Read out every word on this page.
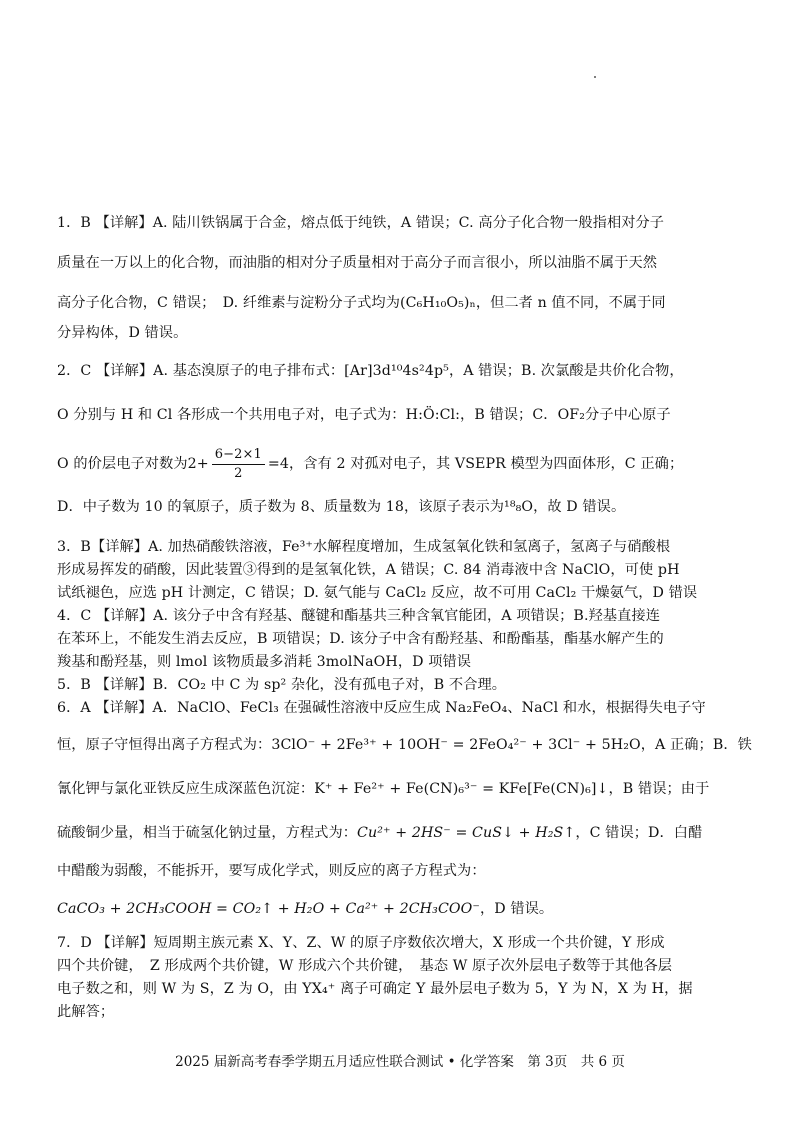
1．B 【详解】A. 陆川铁锅属于合金，熔点低于纯铁，A 错误；C. 高分子化合物一般指相对分子
质量在一万以上的化合物，而油脂的相对分子质量相对于高分子而言很小，所以油脂不属于天然
高分子化合物，C 错误；　D. 纤维素与淀粉分子式均为(C₆H₁₀O₅)ₙ，但二者 n 值不同，不属于同
分异构体，D 错误。
2．C 【详解】A. 基态溴原子的电子排布式：[Ar]3d¹⁰4s²4p⁵，A 错误；B. 次氯酸是共价化合物，
O 分别与 H 和 Cl 各形成一个共用电子对，电子式为：H:Ö:Cl:，B 错误；C．OF₂分子中心原子
O 的价层电子对数为$2+ \frac{6-2\times 1}{2} =4$，含有 2 对孤对电子，其 VSEPR 模型为四面体形，C 正确；
D．中子数为 10 的氧原子，质子数为 8、质量数为 18，该原子表示为¹⁸₈O，故 D 错误。
3．B【详解】A. 加热硝酸铁溶液，Fe³⁺水解程度增加，生成氢氧化铁和氢离子，氢离子与硝酸根
形成易挥发的硝酸，因此装置③得到的是氢氧化铁，A 错误；C. 84 消毒液中含 NaClO，可使 pH
试纸褪色，应选 pH 计测定，C 错误；D. 氨气能与 CaCl₂ 反应，故不可用 CaCl₂ 干燥氨气，D 错误
4．C 【详解】A. 该分子中含有羟基、醚键和酯基共三种含氧官能团，A 项错误；B.羟基直接连
在苯环上，不能发生消去反应，B 项错误；D. 该分子中含有酚羟基、和酚酯基，酯基水解产生的
羧基和酚羟基，则 lmol 该物质最多消耗 3molNaOH，D 项错误
5．B 【详解】B．CO₂ 中 C 为 sp² 杂化，没有孤电子对，B 不合理。
6．A 【详解】A．NaClO、FeCl₃ 在强碱性溶液中反应生成 Na₂FeO₄、NaCl 和水，根据得失电子守
恒，原子守恒得出离子方程式为：3ClO⁻ + 2Fe³⁺ + 10OH⁻ = 2FeO₄²⁻ + 3Cl⁻ + 5H₂O，A 正确；B．铁
氰化钾与氯化亚铁反应生成深蓝色沉淀：K⁺ + Fe²⁺ + Fe(CN)₆³⁻ = KFe[Fe(CN)₆]↓，B 错误；由于
硫酸铜少量，相当于硫氢化钠过量，方程式为：Cu²⁺ + 2HS⁻ = CuS↓ + H₂S↑，C 错误；D．白醋
中醋酸为弱酸，不能拆开，要写成化学式，则反应的离子方程式为：
CaCO₃ + 2CH₃COOH = CO₂↑ + H₂O + Ca²⁺ + 2CH₃COO⁻，D 错误。
7．D 【详解】短周期主族元素 X、Y、Z、W 的原子序数依次增大，X 形成一个共价键，Y 形成
四个共价键，　Z 形成两个共价键，W 形成六个共价键，　基态 W 原子次外层电子数等于其他各层
电子数之和，则 W 为 S，Z 为 O，由 YX₄⁺ 离子可确定 Y 最外层电子数为 5，Y 为 N，X 为 H，据
此解答；
2025 届新高考春季学期五月适应性联合测试 • 化学答案　第 3页　共 6 页
